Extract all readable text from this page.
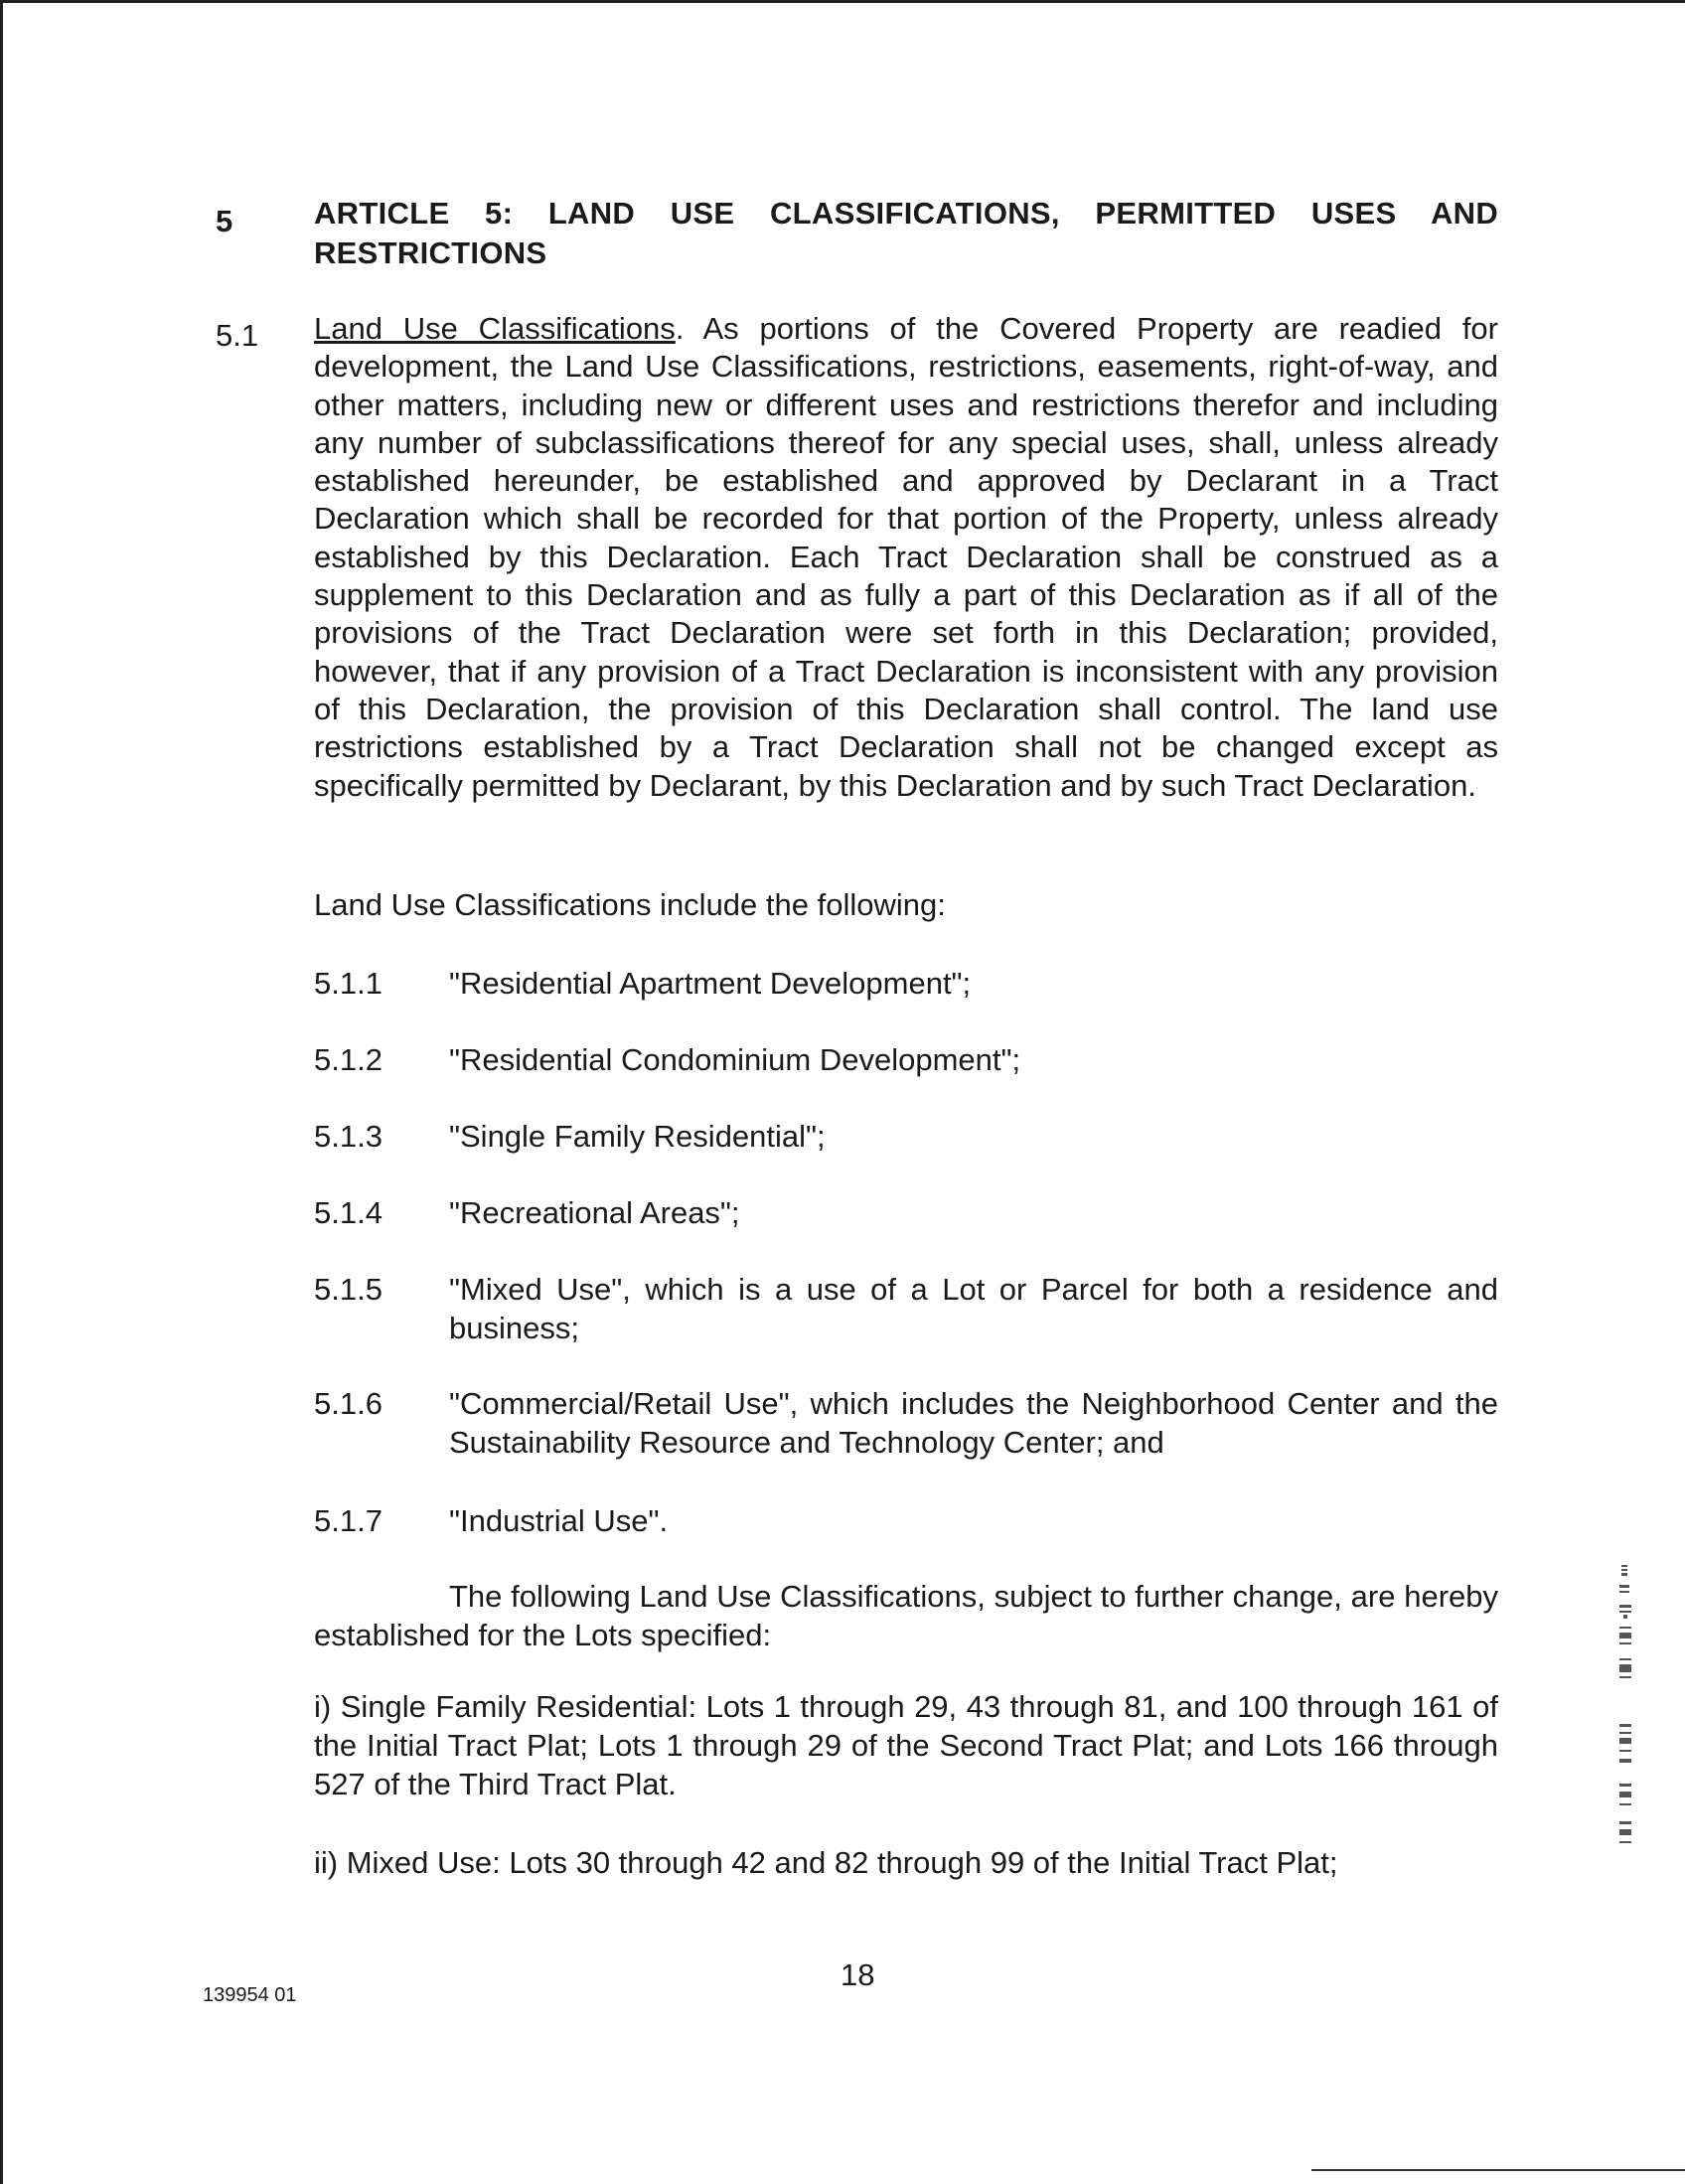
5	ARTICLE 5: LAND USE CLASSIFICATIONS, PERMITTED USES AND RESTRICTIONS
5.1 Land Use Classifications. As portions of the Covered Property are readied for development, the Land Use Classifications, restrictions, easements, right-of-way, and other matters, including new or different uses and restrictions therefor and including any number of subclassifications thereof for any special uses, shall, unless already established hereunder, be established and approved by Declarant in a Tract Declaration which shall be recorded for that portion of the Property, unless already established by this Declaration. Each Tract Declaration shall be construed as a supplement to this Declaration and as fully a part of this Declaration as if all of the provisions of the Tract Declaration were set forth in this Declaration; provided, however, that if any provision of a Tract Declaration is inconsistent with any provision of this Declaration, the provision of this Declaration shall control. The land use restrictions established by a Tract Declaration shall not be changed except as specifically permitted by Declarant, by this Declaration and by such Tract Declaration.
Land Use Classifications include the following:
5.1.1 "Residential Apartment Development";
5.1.2 "Residential Condominium Development";
5.1.3 "Single Family Residential";
5.1.4 "Recreational Areas";
5.1.5 "Mixed Use", which is a use of a Lot or Parcel for both a residence and business;
5.1.6 "Commercial/Retail Use", which includes the Neighborhood Center and the Sustainability Resource and Technology Center; and
5.1.7 "Industrial Use".
The following Land Use Classifications, subject to further change, are hereby established for the Lots specified:
i) Single Family Residential: Lots 1 through 29, 43 through 81, and 100 through 161 of the Initial Tract Plat; Lots 1 through 29 of the Second Tract Plat; and Lots 166 through 527 of the Third Tract Plat.
ii) Mixed Use: Lots 30 through 42 and 82 through 99 of the Initial Tract Plat;
139954 01
18
